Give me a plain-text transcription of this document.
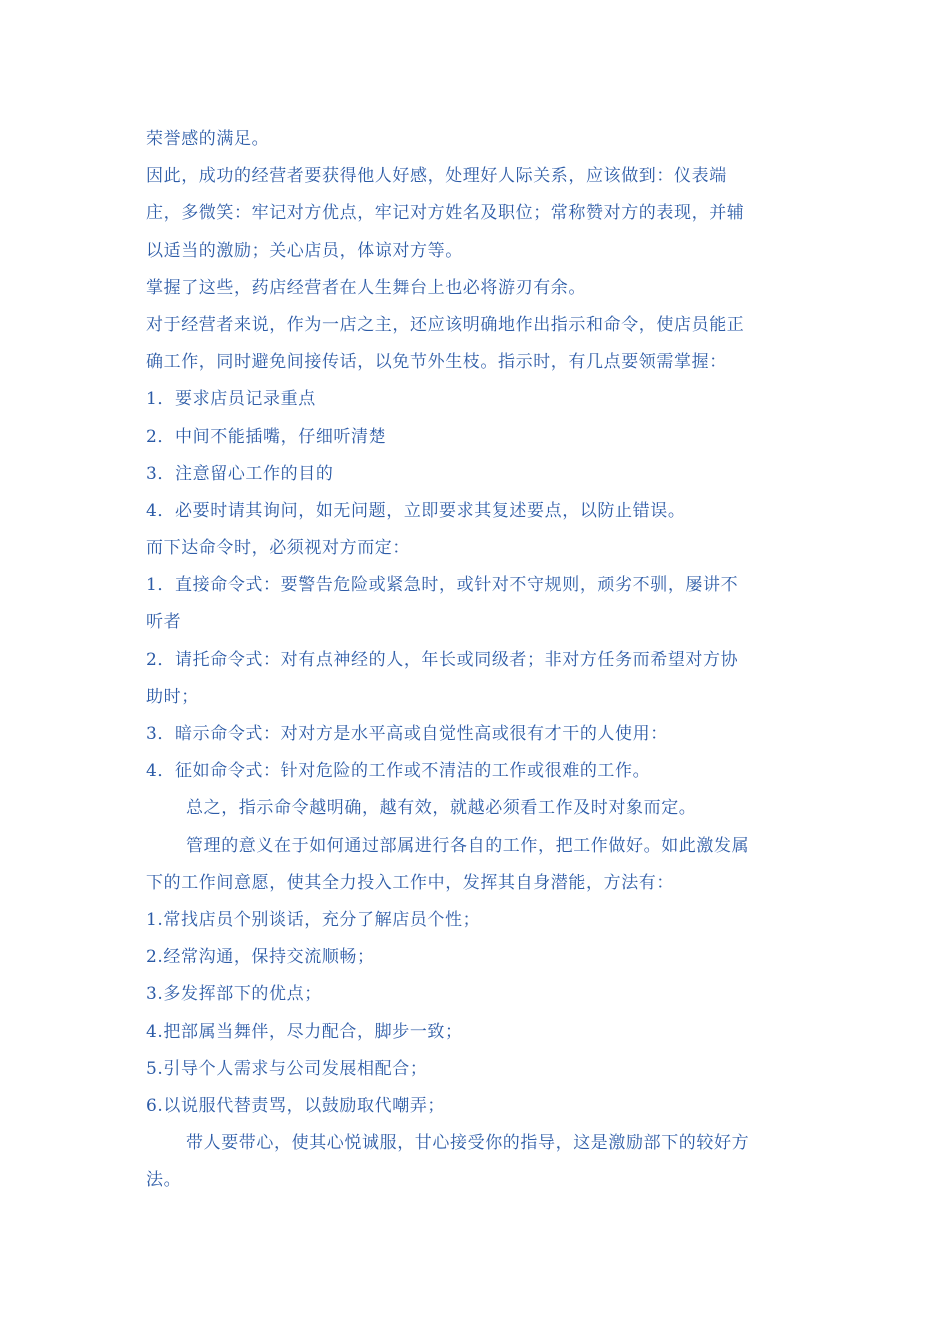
荣誉感的满足。
因此，成功的经营者要获得他人好感，处理好人际关系，应该做到：仪表端
庄，多微笑：牢记对方优点，牢记对方姓名及职位；常称赞对方的表现，并辅
以适当的激励；关心店员，体谅对方等。
掌握了这些，药店经营者在人生舞台上也必将游刃有余。
对于经营者来说，作为一店之主，还应该明确地作出指示和命令，使店员能正
确工作，同时避免间接传话，以免节外生枝。指示时，有几点要领需掌握：
1．要求店员记录重点
2．中间不能插嘴，仔细听清楚
3．注意留心工作的目的
4．必要时请其询问，如无问题，立即要求其复述要点，以防止错误。
而下达命令时，必须视对方而定：
1．直接命令式：要警告危险或紧急时，或针对不守规则，顽劣不驯，屡讲不
听者
2．请托命令式：对有点神经的人，年长或同级者；非对方任务而希望对方协
助时；
3．暗示命令式：对对方是水平高或自觉性高或很有才干的人使用：
4．征如命令式：针对危险的工作或不清洁的工作或很难的工作。
总之，指示命令越明确，越有效，就越必须看工作及时对象而定。
管理的意义在于如何通过部属进行各自的工作，把工作做好。如此激发属
下的工作间意愿，使其全力投入工作中，发挥其自身潜能，方法有：
1.常找店员个别谈话，充分了解店员个性；
2.经常沟通，保持交流顺畅；
3.多发挥部下的优点；
4.把部属当舞伴，尽力配合，脚步一致；
5.引导个人需求与公司发展相配合；
6.以说服代替责骂，以鼓励取代嘲弄；
带人要带心，使其心悦诚服，甘心接受你的指导，这是激励部下的较好方
法。
